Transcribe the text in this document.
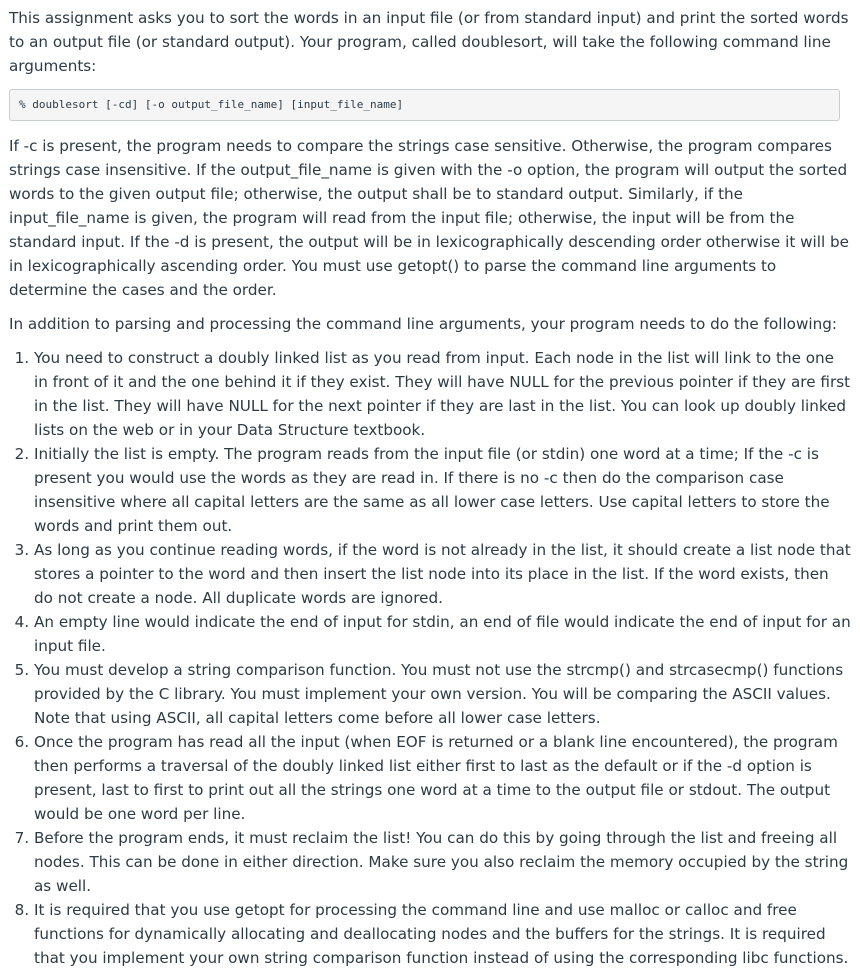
This assignment asks you to sort the words in an input file (or from standard input) and print the sorted words to an output file (or standard output). Your program, called doublesort, will take the following command line arguments:

% doublesort [-cd] [-o output_file_name] [input_file_name]

If -c is present, the program needs to compare the strings case sensitive. Otherwise, the program compares strings case insensitive. If the output_file_name is given with the -o option, the program will output the sorted words to the given output file; otherwise, the output shall be to standard output. Similarly, if the input_file_name is given, the program will read from the input file; otherwise, the input will be from the standard input. If the -d is present, the output will be in lexicographically descending order otherwise it will be in lexicographically ascending order. You must use getopt() to parse the command line arguments to determine the cases and the order.

In addition to parsing and processing the command line arguments, your program needs to do the following:

1. You need to construct a doubly linked list as you read from input. Each node in the list will link to the one in front of it and the one behind it if they exist. They will have NULL for the previous pointer if they are first in the list. They will have NULL for the next pointer if they are last in the list. You can look up doubly linked lists on the web or in your Data Structure textbook.
2. Initially the list is empty. The program reads from the input file (or stdin) one word at a time; If the -c is present you would use the words as they are read in. If there is no -c then do the comparison case insensitive where all capital letters are the same as all lower case letters. Use capital letters to store the words and print them out.
3. As long as you continue reading words, if the word is not already in the list, it should create a list node that stores a pointer to the word and then insert the list node into its place in the list. If the word exists, then do not create a node. All duplicate words are ignored.
4. An empty line would indicate the end of input for stdin, an end of file would indicate the end of input for an input file.
5. You must develop a string comparison function. You must not use the strcmp() and strcasecmp() functions provided by the C library. You must implement your own version. You will be comparing the ASCII values. Note that using ASCII, all capital letters come before all lower case letters.
6. Once the program has read all the input (when EOF is returned or a blank line encountered), the program then performs a traversal of the doubly linked list either first to last as the default or if the -d option is present, last to first to print out all the strings one word at a time to the output file or stdout. The output would be one word per line.
7. Before the program ends, it must reclaim the list! You can do this by going through the list and freeing all nodes. This can be done in either direction. Make sure you also reclaim the memory occupied by the string as well.
8. It is required that you use getopt for processing the command line and use malloc or calloc and free functions for dynamically allocating and deallocating nodes and the buffers for the strings. It is required that you implement your own string comparison function instead of using the corresponding libc functions.
